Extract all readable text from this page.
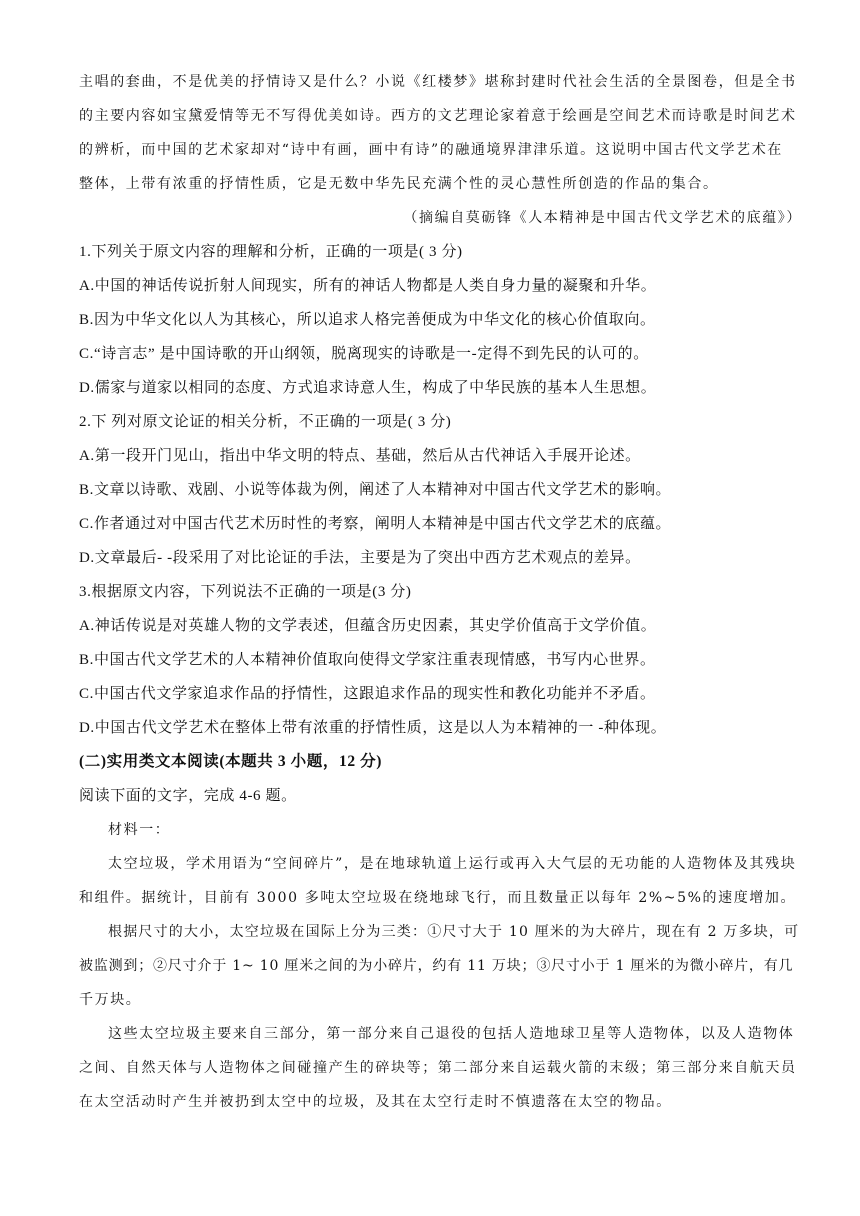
主唱的套曲，不是优美的抒情诗又是什么？小说《红楼梦》堪称封建时代社会生活的全景图卷，但是全书
的主要内容如宝黛爱情等无不写得优美如诗。西方的文艺理论家着意于绘画是空间艺术而诗歌是时间艺术
的辨析，而中国的艺术家却对“诗中有画，画中有诗”的融通境界津津乐道。这说明中国古代文学艺术在
整体，上带有浓重的抒情性质，它是无数中华先民充满个性的灵心慧性所创造的作品的集合。
（摘编自莫砺锋《人本精神是中国古代文学艺术的底蕴》）
1.下列关于原文内容的理解和分析，正确的一项是( 3 分)
A.中国的神话传说折射人间现实，所有的神话人物都是人类自身力量的凝聚和升华。
B.因为中华文化以人为其核心，所以追求人格完善便成为中华文化的核心价值取向。
C.“诗言志” 是中国诗歌的开山纲领，脱离现实的诗歌是一-定得不到先民的认可的。
D.儒家与道家以相同的态度、方式追求诗意人生，构成了中华民族的基本人生思想。
2.下 列对原文论证的相关分析，不正确的一项是( 3 分)
A.第一段开门见山，指出中华文明的特点、基础，然后从古代神话入手展开论述。
B.文章以诗歌、戏剧、小说等体裁为例，阐述了人本精神对中国古代文学艺术的影响。
C.作者通过对中国古代艺术历时性的考察，阐明人本精神是中国古代文学艺术的底蕴。
D.文章最后- -段采用了对比论证的手法，主要是为了突出中西方艺术观点的差异。
3.根据原文内容，下列说法不正确的一项是(3 分)
A.神话传说是对英雄人物的文学表述，但蕴含历史因素，其史学价值高于文学价值。
B.中国古代文学艺术的人本精神价值取向使得文学家注重表现情感，书写内心世界。
C.中国古代文学家追求作品的抒情性，这跟追求作品的现实性和教化功能并不矛盾。
D.中国古代文学艺术在整体上带有浓重的抒情性质，这是以人为本精神的一 -种体现。
(二)实用类文本阅读(本题共 3 小题，12 分)
阅读下面的文字，完成 4-6 题。
材料一：
太空垃圾，学术用语为“空间碎片”，是在地球轨道上运行或再入大气层的无功能的人造物体及其残块
和组件。据统计，目前有 3000 多吨太空垃圾在绕地球飞行，而且数量正以每年 2%~5%的速度增加。
根据尺寸的大小，太空垃圾在国际上分为三类：①尺寸大于 10 厘米的为大碎片，现在有 2 万多块，可
被监测到；②尺寸介于 1~ 10 厘米之间的为小碎片，约有 11 万块；③尺寸小于 1 厘米的为微小碎片，有几
千万块。
这些太空垃圾主要来自三部分，第一部分来自己退役的包括人造地球卫星等人造物体，以及人造物体
之间、自然天体与人造物体之间碰撞产生的碎块等；第二部分来自运载火箭的末级；第三部分来自航天员
在太空活动时产生并被扔到太空中的垃圾，及其在太空行走时不慎遗落在太空的物品。
